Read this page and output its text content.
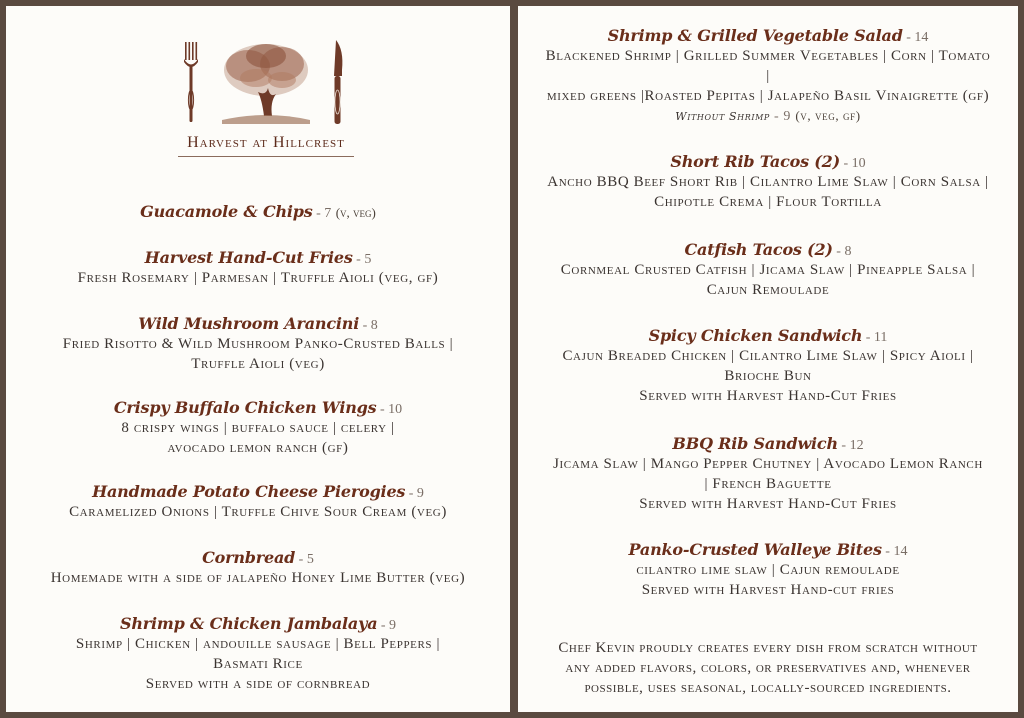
Harvest at Hillcrest
Guacamole & Chips - 7 (v, veg)
Harvest Hand-Cut Fries - 5
Fresh Rosemary | Parmesan | Truffle Aioli (veg, gf)
Wild Mushroom Arancini - 8
Fried Risotto & Wild Mushroom Panko-Crusted Balls |
Truffle Aioli (veg)
Crispy Buffalo Chicken Wings - 10
8 crispy wings | buffalo sauce | celery |
avocado lemon ranch (gf)
Handmade Potato Cheese Pierogies - 9
Caramelized Onions | Truffle Chive Sour Cream (veg)
Cornbread - 5
Homemade with a side of jalapeño Honey Lime Butter (veg)
Shrimp & Chicken Jambalaya - 9
Shrimp | Chicken | andouille sausage | Bell Peppers |
Basmati Rice
Served with a side of cornbread
Shrimp & Grilled Vegetable Salad - 14
Blackened Shrimp | Grilled Summer Vegetables | Corn | Tomato
|
mixed greens |Roasted Pepitas | Jalapeño Basil Vinaigrette (gf)
Without Shrimp - 9 (v, veg, gf)
Short Rib Tacos (2) - 10
Ancho BBQ Beef Short Rib | Cilantro Lime Slaw | Corn Salsa |
Chipotle Crema | Flour Tortilla
Catfish Tacos (2) - 8
Cornmeal Crusted Catfish | Jicama Slaw | Pineapple Salsa |
Cajun Remoulade
Spicy Chicken Sandwich - 11
Cajun Breaded Chicken | Cilantro Lime Slaw | Spicy Aioli |
Brioche Bun
Served with Harvest Hand-Cut Fries
BBQ Rib Sandwich - 12
Jicama Slaw | Mango Pepper Chutney | Avocado Lemon Ranch
| French Baguette
Served with Harvest Hand-Cut Fries
Panko-Crusted Walleye Bites - 14
cilantro lime slaw | Cajun remoulade
Served with Harvest Hand-cut fries
Chef Kevin proudly creates every dish from scratch without
any added flavors, colors, or preservatives and, whenever
possible, uses seasonal, locally-sourced ingredients.
